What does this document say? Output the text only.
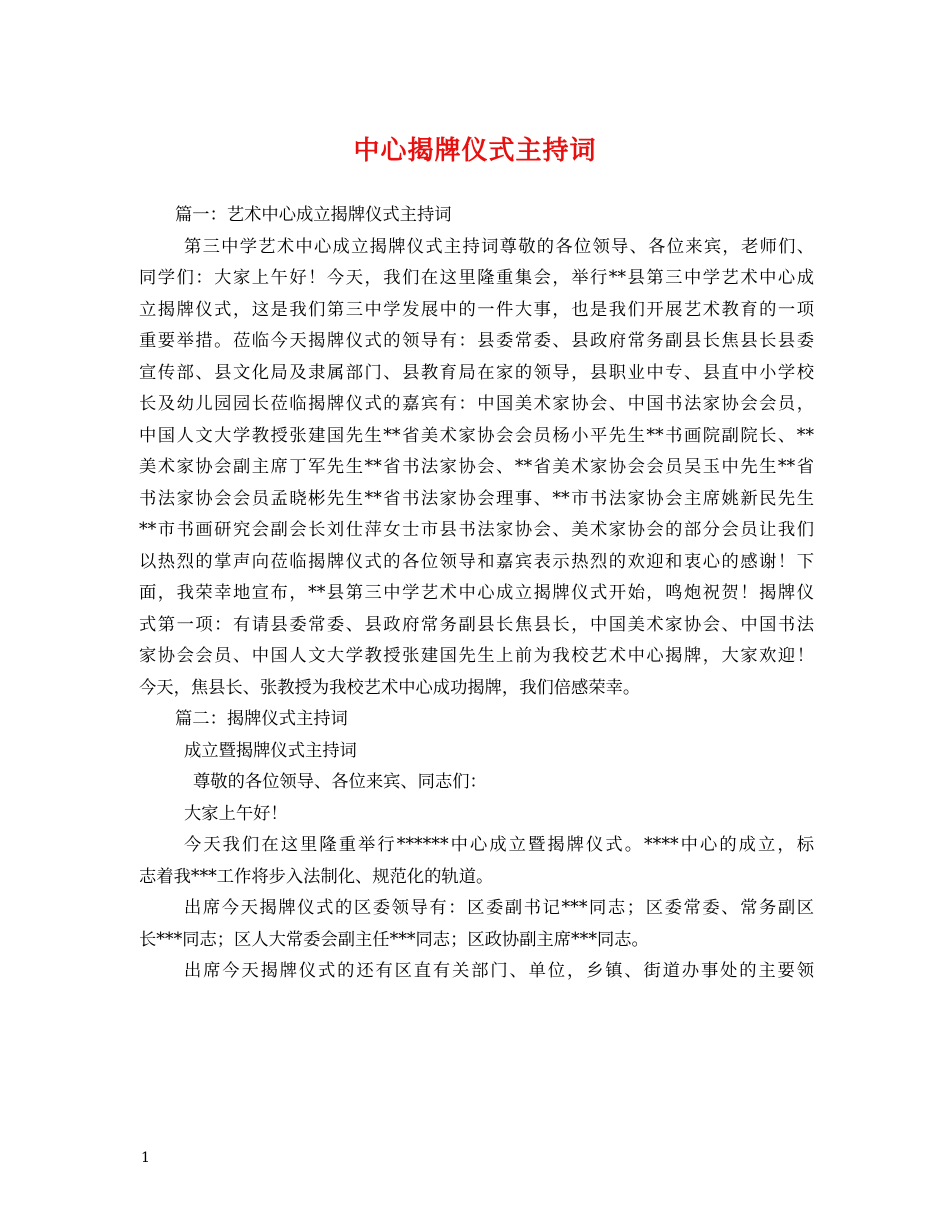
中心揭牌仪式主持词
篇一：艺术中心成立揭牌仪式主持词
第三中学艺术中心成立揭牌仪式主持词尊敬的各位领导、各位来宾，老师们、
同学们：大家上午好！今天，我们在这里隆重集会，举行**县第三中学艺术中心成
立揭牌仪式，这是我们第三中学发展中的一件大事，也是我们开展艺术教育的一项
重要举措。莅临今天揭牌仪式的领导有：县委常委、县政府常务副县长焦县长县委
宣传部、县文化局及隶属部门、县教育局在家的领导，县职业中专、县直中小学校
长及幼儿园园长莅临揭牌仪式的嘉宾有：中国美术家协会、中国书法家协会会员，
中国人文大学教授张建国先生**省美术家协会会员杨小平先生**书画院副院长、**
美术家协会副主席丁军先生**省书法家协会、**省美术家协会会员吴玉中先生**省
书法家协会会员孟晓彬先生**省书法家协会理事、**市书法家协会主席姚新民先生
**市书画研究会副会长刘仕萍女士市县书法家协会、美术家协会的部分会员让我们
以热烈的掌声向莅临揭牌仪式的各位领导和嘉宾表示热烈的欢迎和衷心的感谢！下
面，我荣幸地宣布，**县第三中学艺术中心成立揭牌仪式开始，鸣炮祝贺！揭牌仪
式第一项：有请县委常委、县政府常务副县长焦县长，中国美术家协会、中国书法
家协会会员、中国人文大学教授张建国先生上前为我校艺术中心揭牌，大家欢迎！
今天，焦县长、张教授为我校艺术中心成功揭牌，我们倍感荣幸。
篇二：揭牌仪式主持词
成立暨揭牌仪式主持词
尊敬的各位领导、各位来宾、同志们：
大家上午好！
今天我们在这里隆重举行******中心成立暨揭牌仪式。****中心的成立，标
志着我***工作将步入法制化、规范化的轨道。
出席今天揭牌仪式的区委领导有：区委副书记***同志；区委常委、常务副区
长***同志；区人大常委会副主任***同志；区政协副主席***同志。
出席今天揭牌仪式的还有区直有关部门、单位，乡镇、街道办事处的主要领
1
